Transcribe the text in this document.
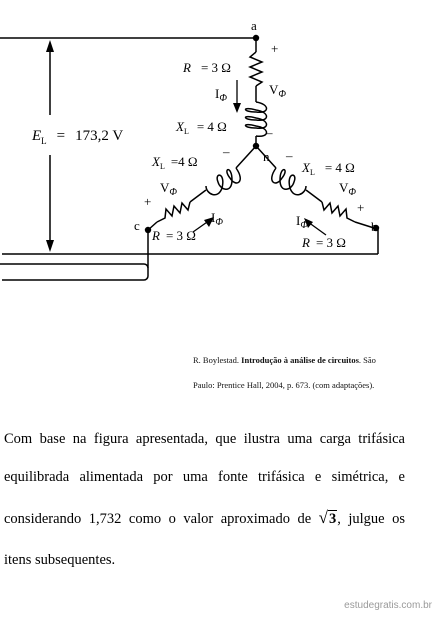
a
n
c	b
$E_L = 173,2$ V
R = 3 Ω
+
–
$V_\Phi$
$I_\Phi$
$X_L = 4$ Ω
$X_L =4$ Ω
–
$V_\Phi$
+
$I_\Phi$
R = 3 Ω
$X_L = 4$ Ω
–
$V_\Phi$
+
$I_\Phi$
R = 3 Ω
R. Boylestad. Introdução à análise de circuitos. São
Paulo: Prentice Hall, 2004, p. 673. (com adaptações).
Com base na figura apresentada, que ilustra uma carga trifásica
equilibrada alimentada por uma fonte trifásica e simétrica, e
considerando 1,732 como o valor aproximado de √3, julgue os
itens subsequentes.
estudegratis.com.br
